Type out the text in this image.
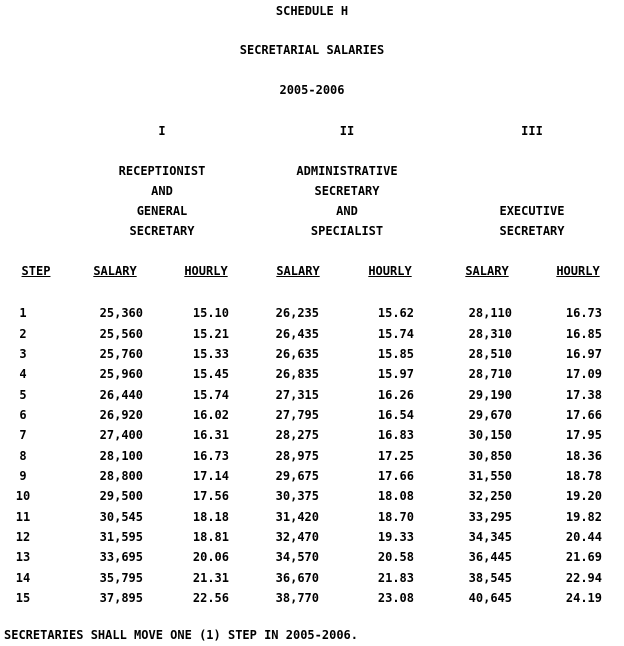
SCHEDULE H
SECRETARIAL SALARIES
2005-2006
I	II	III
RECEPTIONIST
AND
GENERAL
SECRETARY
ADMINISTRATIVE
SECRETARY
AND
SPECIALIST
EXECUTIVE
SECRETARY
STEP	SALARY	HOURLY	SALARY	HOURLY	SALARY	HOURLY
1	25,360	15.10	26,235	15.62	28,110	16.73
2	25,560	15.21	26,435	15.74	28,310	16.85
3	25,760	15.33	26,635	15.85	28,510	16.97
4	25,960	15.45	26,835	15.97	28,710	17.09
5	26,440	15.74	27,315	16.26	29,190	17.38
6	26,920	16.02	27,795	16.54	29,670	17.66
7	27,400	16.31	28,275	16.83	30,150	17.95
8	28,100	16.73	28,975	17.25	30,850	18.36
9	28,800	17.14	29,675	17.66	31,550	18.78
10	29,500	17.56	30,375	18.08	32,250	19.20
11	30,545	18.18	31,420	18.70	33,295	19.82
12	31,595	18.81	32,470	19.33	34,345	20.44
13	33,695	20.06	34,570	20.58	36,445	21.69
14	35,795	21.31	36,670	21.83	38,545	22.94
15	37,895	22.56	38,770	23.08	40,645	24.19
SECRETARIES SHALL MOVE ONE (1) STEP IN 2005-2006.
